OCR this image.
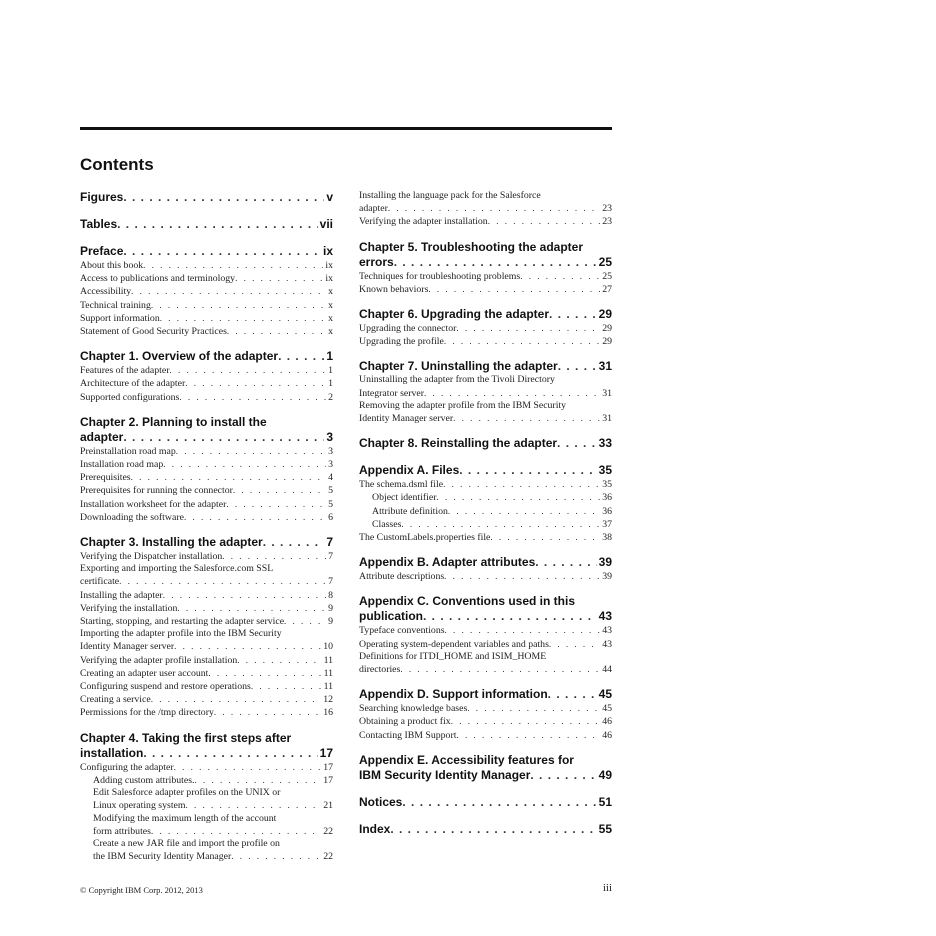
Contents
Figures . . .	v
Tables . . .	vii
Preface . . .	ix
About this book . . .	ix
Access to publications and terminology . . .	ix
Accessibility . . .	x
Technical training . . .	x
Support information . . .	x
Statement of Good Security Practices . . .	x
Chapter 1. Overview of the adapter . . .	1
Features of the adapter . . .	1
Architecture of the adapter . . .	1
Supported configurations . . .	2
Chapter 2. Planning to install the
adapter . . .	3
Preinstallation road map . . .	3
Installation road map . . .	3
Prerequisites . . .	4
Prerequisites for running the connector . . .	5
Installation worksheet for the adapter . . .	5
Downloading the software . . .	6
Chapter 3. Installing the adapter . . .	7
Verifying the Dispatcher installation . . .	7
Exporting and importing the Salesforce.com SSL
certificate . . .	7
Installing the adapter . . .	8
Verifying the installation . . .	9
Starting, stopping, and restarting the adapter service . . .	9
Importing the adapter profile into the IBM Security
Identity Manager server . . .	10
Verifying the adapter profile installation . . .	11
Creating an adapter user account . . .	11
Configuring suspend and restore operations . . .	11
Creating a service . . .	12
Permissions for the /tmp directory . . .	16
Chapter 4. Taking the first steps after
installation . . .	17
Configuring the adapter . . .	17
Adding custom attributes. . . .	17
Edit Salesforce adapter profiles on the UNIX or
Linux operating system . . .	21
Modifying the maximum length of the account
form attributes . . .	22
Create a new JAR file and import the profile on
the IBM Security Identity Manager . . .	22
Installing the language pack for the Salesforce
adapter . . .	23
Verifying the adapter installation . . .	23
Chapter 5. Troubleshooting the adapter
errors . . .	25
Techniques for troubleshooting problems . . .	25
Known behaviors . . .	27
Chapter 6. Upgrading the adapter . . .	29
Upgrading the connector . . .	29
Upgrading the profile . . .	29
Chapter 7. Uninstalling the adapter . . .	31
Uninstalling the adapter from the Tivoli Directory
Integrator server . . .	31
Removing the adapter profile from the IBM Security
Identity Manager server . . .	31
Chapter 8. Reinstalling the adapter . . .	33
Appendix A. Files . . .	35
The schema.dsml file . . .	35
Object identifier . . .	36
Attribute definition . . .	36
Classes . . .	37
The CustomLabels.properties file . . .	38
Appendix B. Adapter attributes . . .	39
Attribute descriptions . . .	39
Appendix C. Conventions used in this
publication . . .	43
Typeface conventions . . .	43
Operating system-dependent variables and paths . . .	43
Definitions for ITDI_HOME and ISIM_HOME
directories . . .	44
Appendix D. Support information . . .	45
Searching knowledge bases . . .	45
Obtaining a product fix . . .	46
Contacting IBM Support . . .	46
Appendix E. Accessibility features for
IBM Security Identity Manager . . .	49
Notices . . .	51
Index . . .	55
© Copyright IBM Corp. 2012, 2013	iii
